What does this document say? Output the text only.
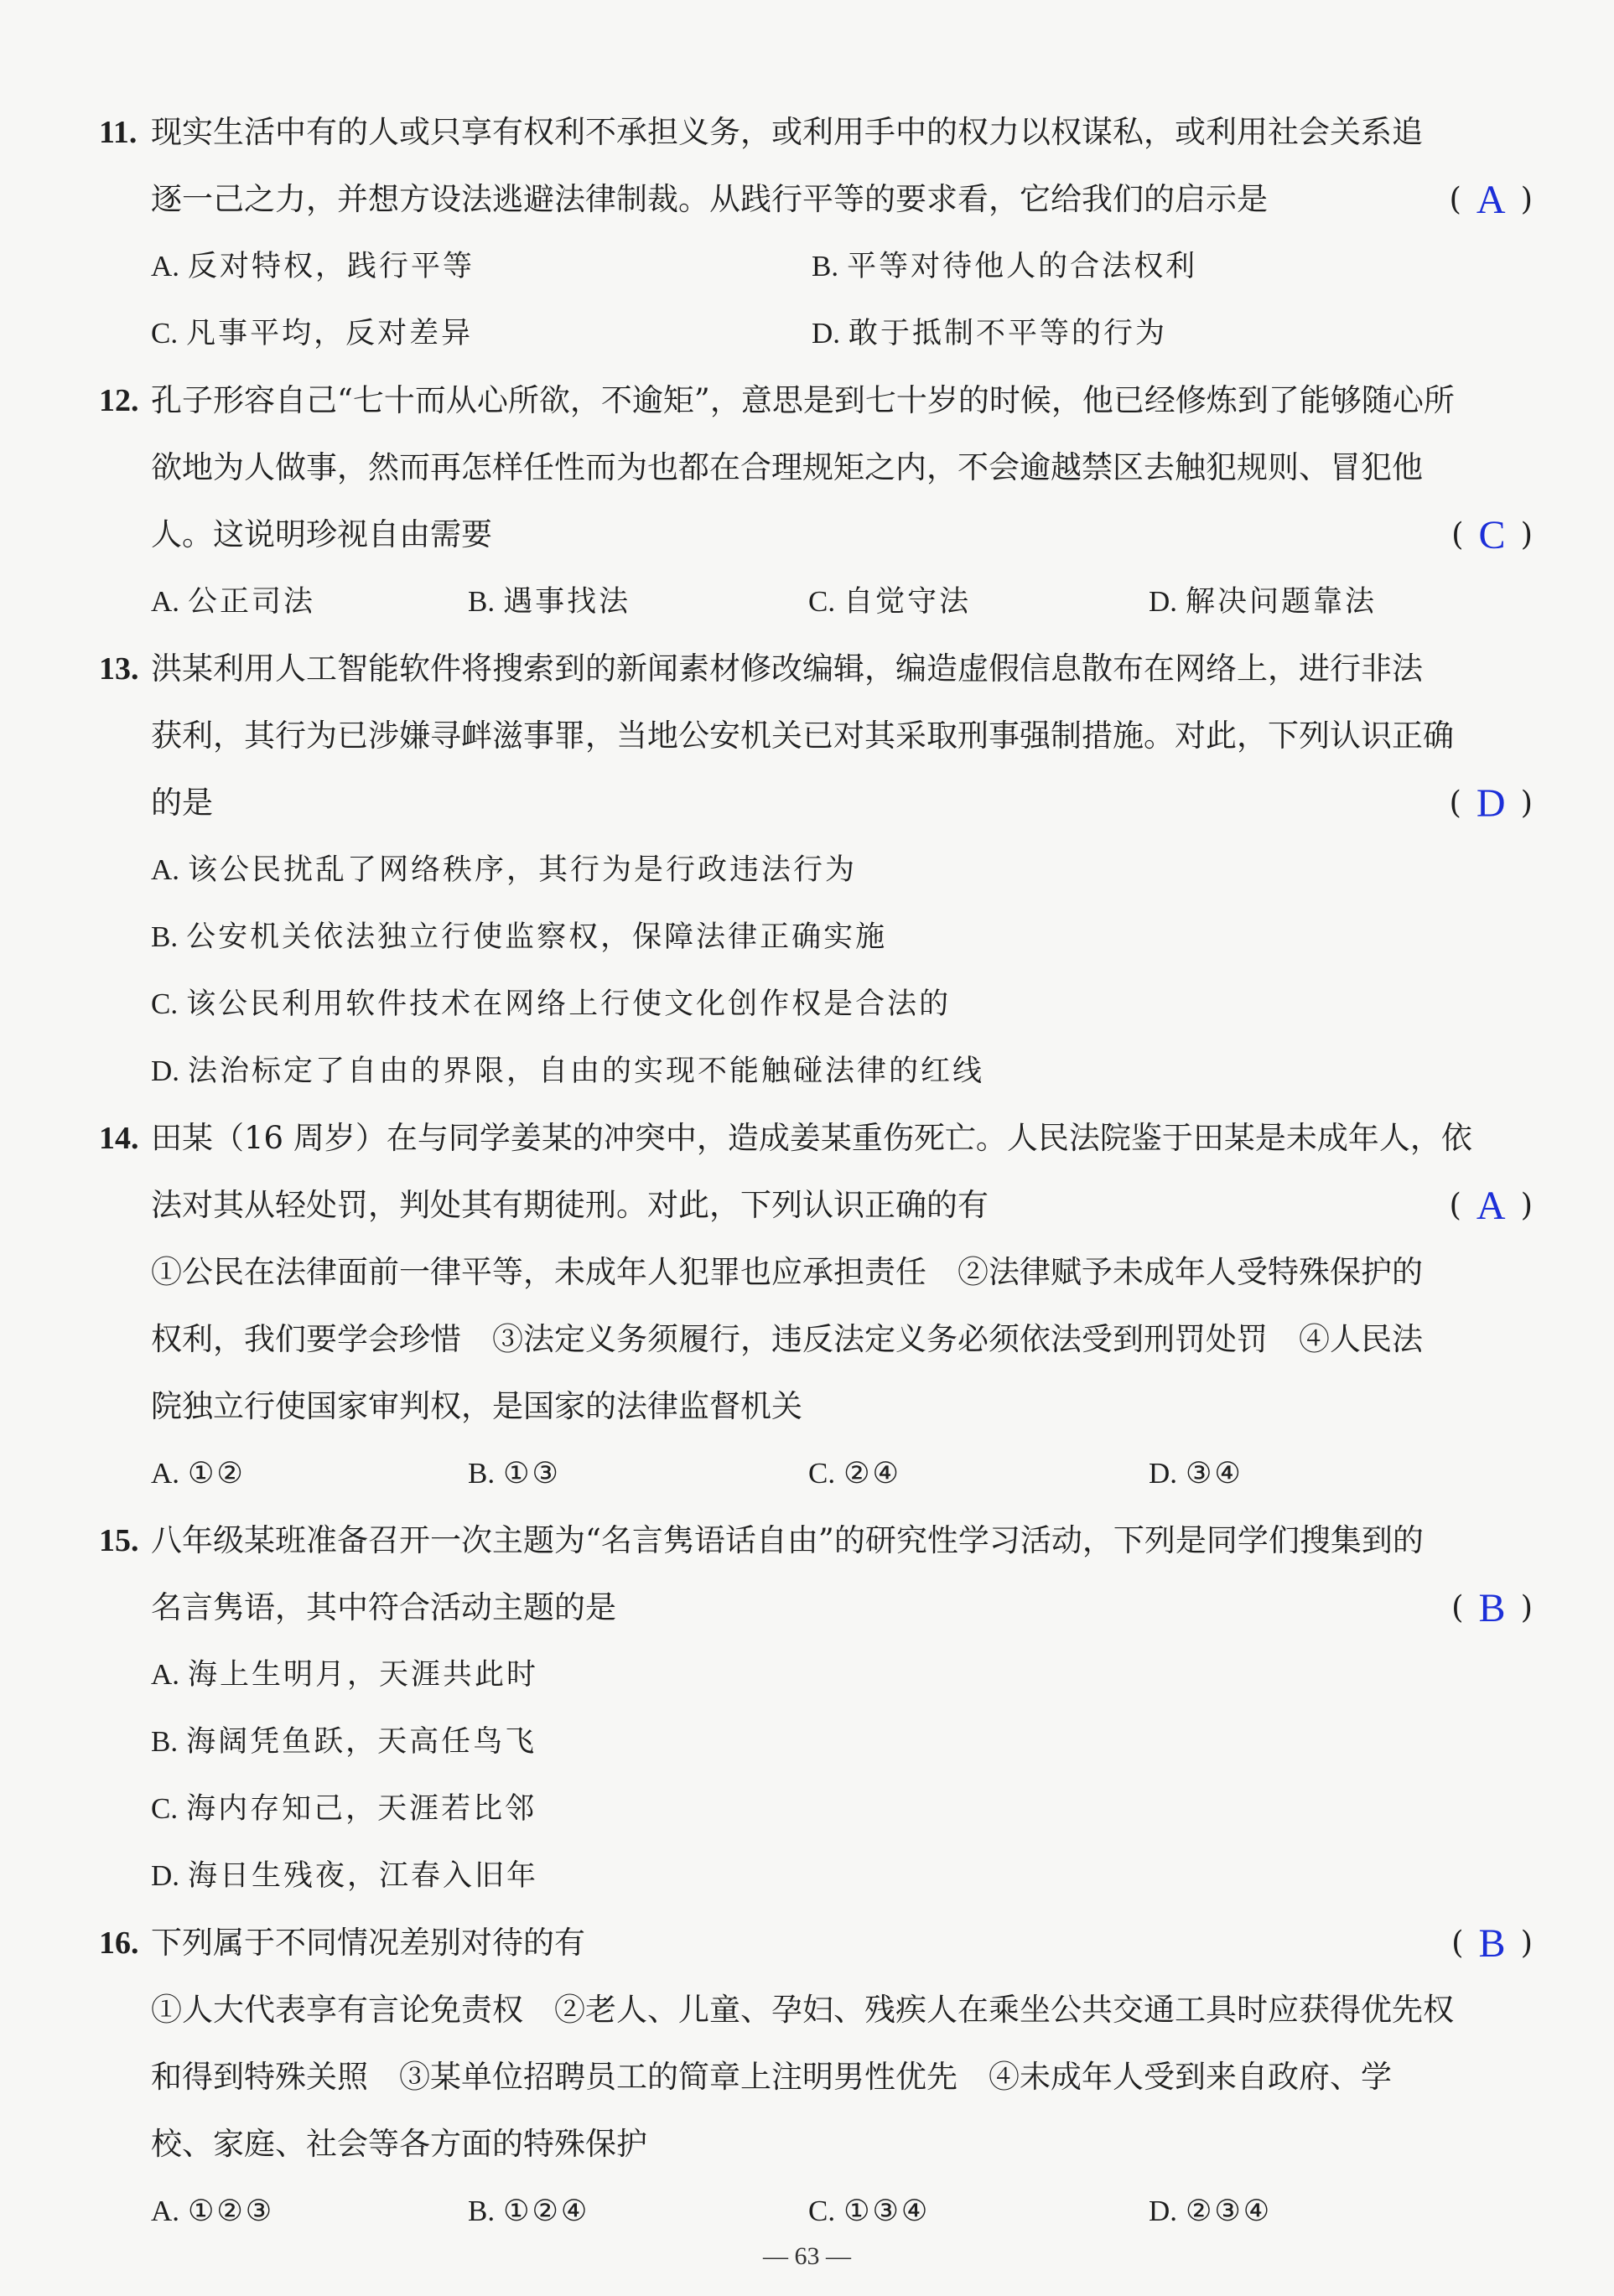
11. 现实生活中有的人或只享有权利不承担义务，或利用手中的权力以权谋私，或利用社会关系追
逐一己之力，并想方设法逃避法律制裁。从践行平等的要求看，它给我们的启示是	( A )
A. 反对特权，践行平等	B. 平等对待他人的合法权利
C. 凡事平均，反对差异	D. 敢于抵制不平等的行为
12. 孔子形容自己“七十而从心所欲，不逾矩”，意思是到七十岁的时候，他已经修炼到了能够随心所
欲地为人做事，然而再怎样任性而为也都在合理规矩之内，不会逾越禁区去触犯规则、冒犯他
人。这说明珍视自由需要	( C )
A. 公正司法	B. 遇事找法	C. 自觉守法	D. 解决问题靠法
13. 洪某利用人工智能软件将搜索到的新闻素材修改编辑，编造虚假信息散布在网络上，进行非法
获利，其行为已涉嫌寻衅滋事罪，当地公安机关已对其采取刑事强制措施。对此，下列认识正确
的是	( D )
A. 该公民扰乱了网络秩序，其行为是行政违法行为
B. 公安机关依法独立行使监察权，保障法律正确实施
C. 该公民利用软件技术在网络上行使文化创作权是合法的
D. 法治标定了自由的界限，自由的实现不能触碰法律的红线
14. 田某（16 周岁）在与同学姜某的冲突中，造成姜某重伤死亡。人民法院鉴于田某是未成年人，依
法对其从轻处罚，判处其有期徒刑。对此，下列认识正确的有	( A )
①公民在法律面前一律平等，未成年人犯罪也应承担责任　②法律赋予未成年人受特殊保护的
权利，我们要学会珍惜　③法定义务须履行，违反法定义务必须依法受到刑罚处罚　④人民法
院独立行使国家审判权，是国家的法律监督机关
A. ①②	B. ①③	C. ②④	D. ③④
15. 八年级某班准备召开一次主题为“名言隽语话自由”的研究性学习活动，下列是同学们搜集到的
名言隽语，其中符合活动主题的是	( B )
A. 海上生明月，天涯共此时
B. 海阔凭鱼跃，天高任鸟飞
C. 海内存知己，天涯若比邻
D. 海日生残夜，江春入旧年
16. 下列属于不同情况差别对待的有	( B )
①人大代表享有言论免责权　②老人、儿童、孕妇、残疾人在乘坐公共交通工具时应获得优先权
和得到特殊关照　③某单位招聘员工的简章上注明男性优先　④未成年人受到来自政府、学
校、家庭、社会等各方面的特殊保护
A. ①②③	B. ①②④	C. ①③④	D. ②③④
— 63 —
